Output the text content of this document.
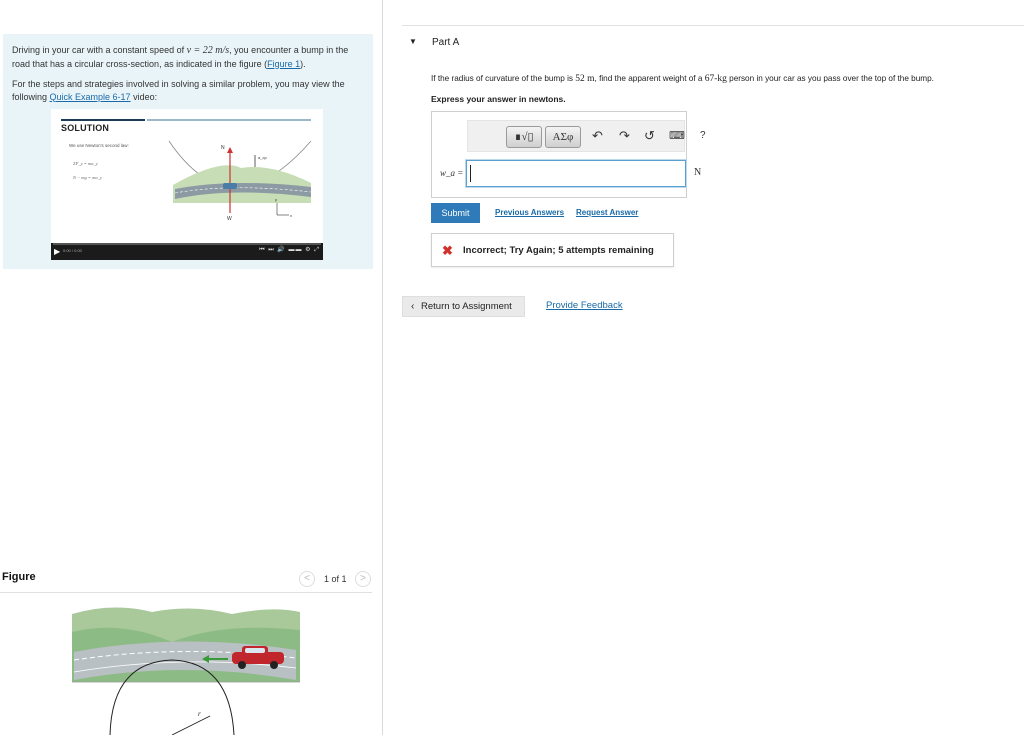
Driving in your car with a constant speed of v = 22 m/s, you encounter a bump in the road that has a circular cross-section, as indicated in the figure (Figure 1).
For the steps and strategies involved in solving a similar problem, you may view the following Quick Example 6-17 video:
SOLUTION
We use Newton's second law:
ΣF_y = ma_y
N − mg = ma_y
N
W
a_cp
x
y
▶ 0:00 / 0:00	⏮ ⏭ 🔊 ▬▬ ⚙ ⤢
Figure	<	1 of 1	>
r
▼ Part A
If the radius of curvature of the bump is 52 m, find the apparent weight of a 67-kg person in your car as you pass over the top of the bump.
Express your answer in newtons.
∎√▯	ΑΣφ	↶ ↷ ↺ ⌨ ?
w_a =	N
Submit	Previous Answers Request Answer
✖ Incorrect; Try Again; 5 attempts remaining
‹ Return to Assignment	Provide Feedback
